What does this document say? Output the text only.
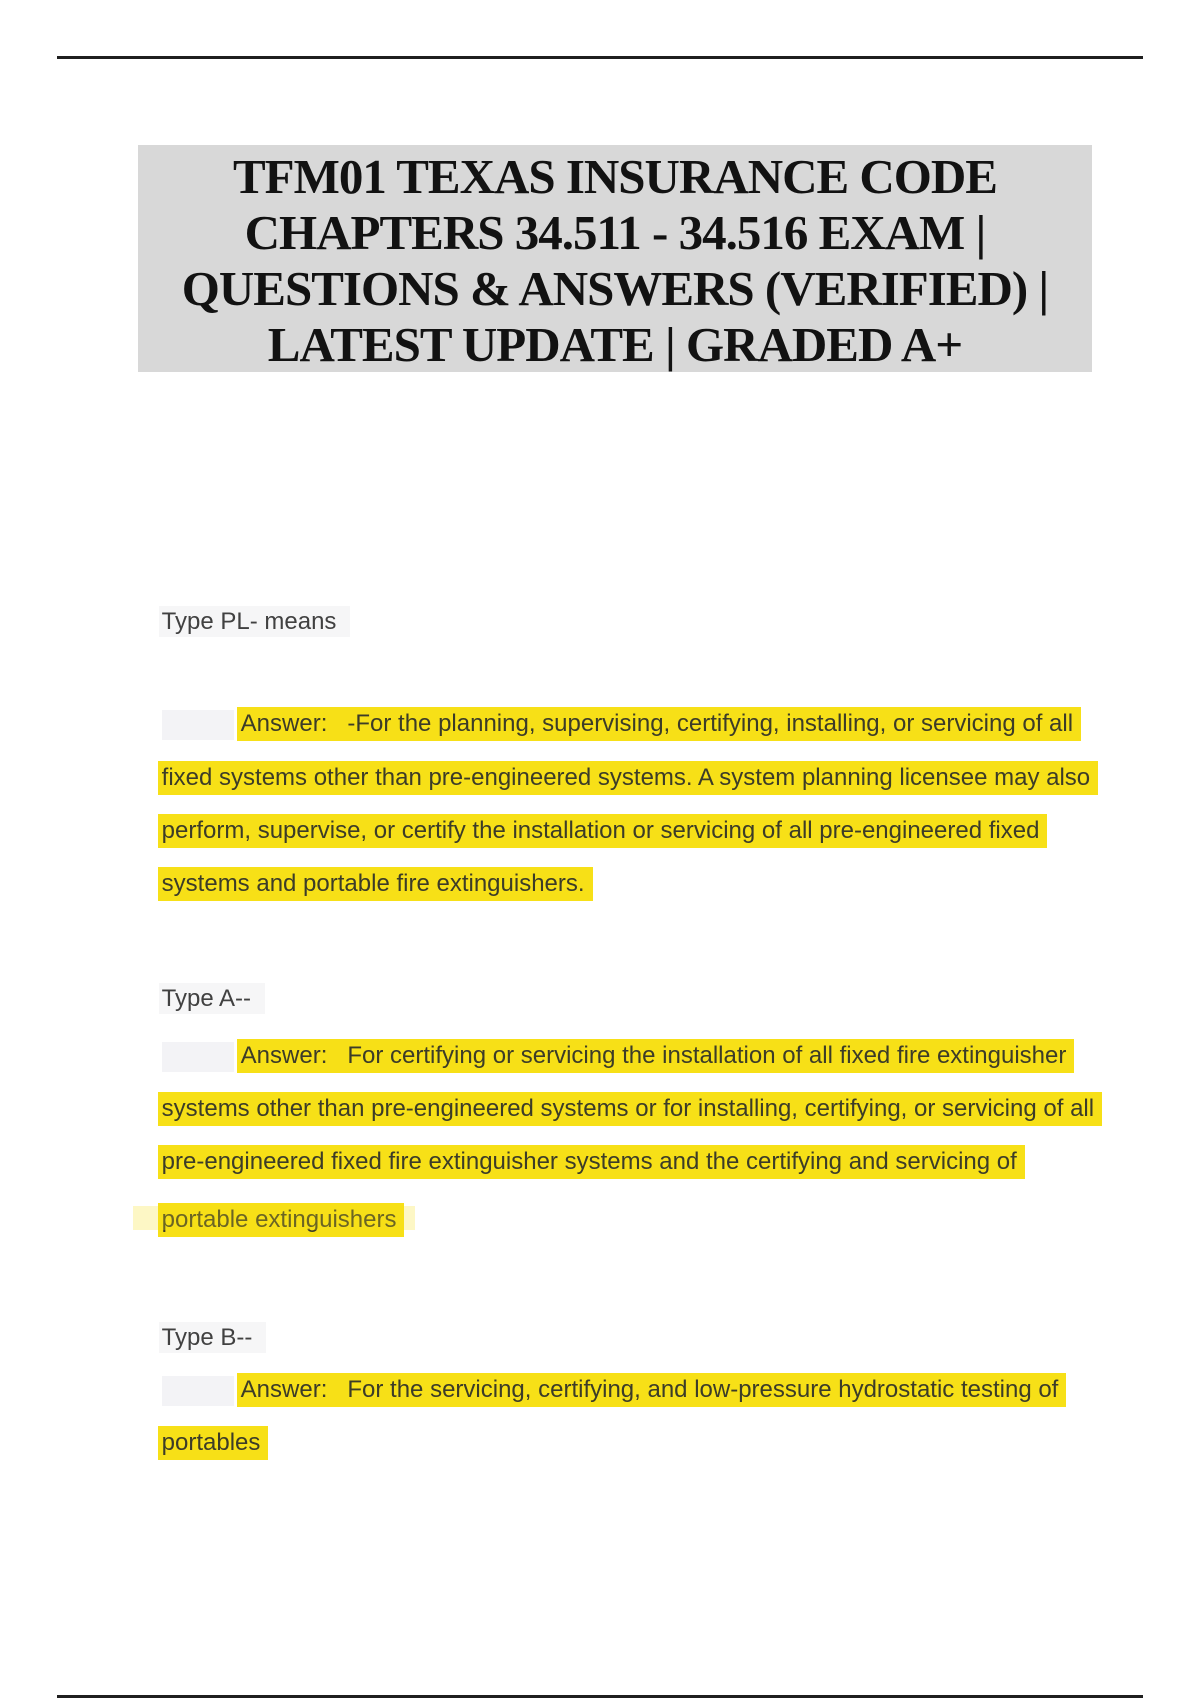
TFM01 TEXAS INSURANCE CODE
CHAPTERS 34.511 - 34.516 EXAM |
QUESTIONS & ANSWERS (VERIFIED) |
LATEST UPDATE | GRADED A+

Type PL- means

Answer:   -For the planning, supervising, certifying, installing, or servicing of all

fixed systems other than pre-engineered systems. A system planning licensee may also

perform, supervise, or certify the installation or servicing of all pre-engineered fixed

systems and portable fire extinguishers.

Type A--

Answer:   For certifying or servicing the installation of all fixed fire extinguisher

systems other than pre-engineered systems or for installing, certifying, or servicing of all

pre-engineered fixed fire extinguisher systems and the certifying and servicing of

portable extinguishers

Type B--

Answer:   For the servicing, certifying, and low-pressure hydrostatic testing of

portables
